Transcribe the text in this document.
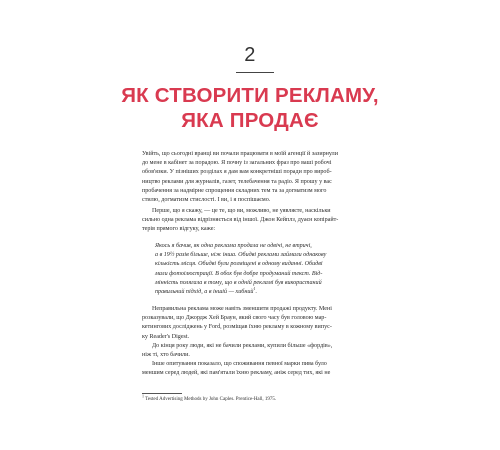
2
ЯК СТВОРИТИ РЕКЛАМУ,
ЯКА ПРОДАЄ
Увійть, що сьогодні вранці ви почали працювати в моїй агенції й зазирнули
до мене в кабінет за порадою. Я почну із загальних фраз про ваші робочі
обов'язки. У пізніших розділах я дам вам конкретніші поради про вироб-
ництво реклами для журналів, газет, телебачення та радіо. Я прошу у вас
пробачення за надмірне спрощення складних тем та за догматизм мого
стилю, догматизм стислості. І ви, і я поспішаємо.
Перше, що я скажу, — це те, що ви, можливо, не уявляєте, наскільки
сильно одна реклама відрізняється від іншої. Джон Кейплз, дуаєн копірайт-
терів прямого відгуку, каже:
Якось я бачив, як одна реклама продала не одвічі, не втричі,
а в 19½ разів більше, ніж інша. Обидві реклами займали однакову
кількість місця. Обидві були розміщені в одному виданні. Обидві
мали фотоілюстрації. В обох був добре продуманий текст. Від-
мінність полягала в тому, що в одній рекламі був використаний
правильний підхід, а в іншій — хибний$^1$.
Неправильна реклама може навіть зменшити продажі продукту. Мені
розказували, що Джордж Хей Браун, який свого часу був головою мар-
кетингових досліджень у Ford, розміщав їхню рекламу в кожному випус-
ку Reader's Digest.
До кінця року люди, які не бачили реклами, купили більше «фордів»,
ніж ті, хто бачили.
Інше опитування показало, що споживання певної марки пива було
меншим серед людей, які пам'ятали їхню рекламу, аніж серед тих, які не
$^1$ Tested Advertising Methods by John Caples. Prentice-Hall, 1975.
